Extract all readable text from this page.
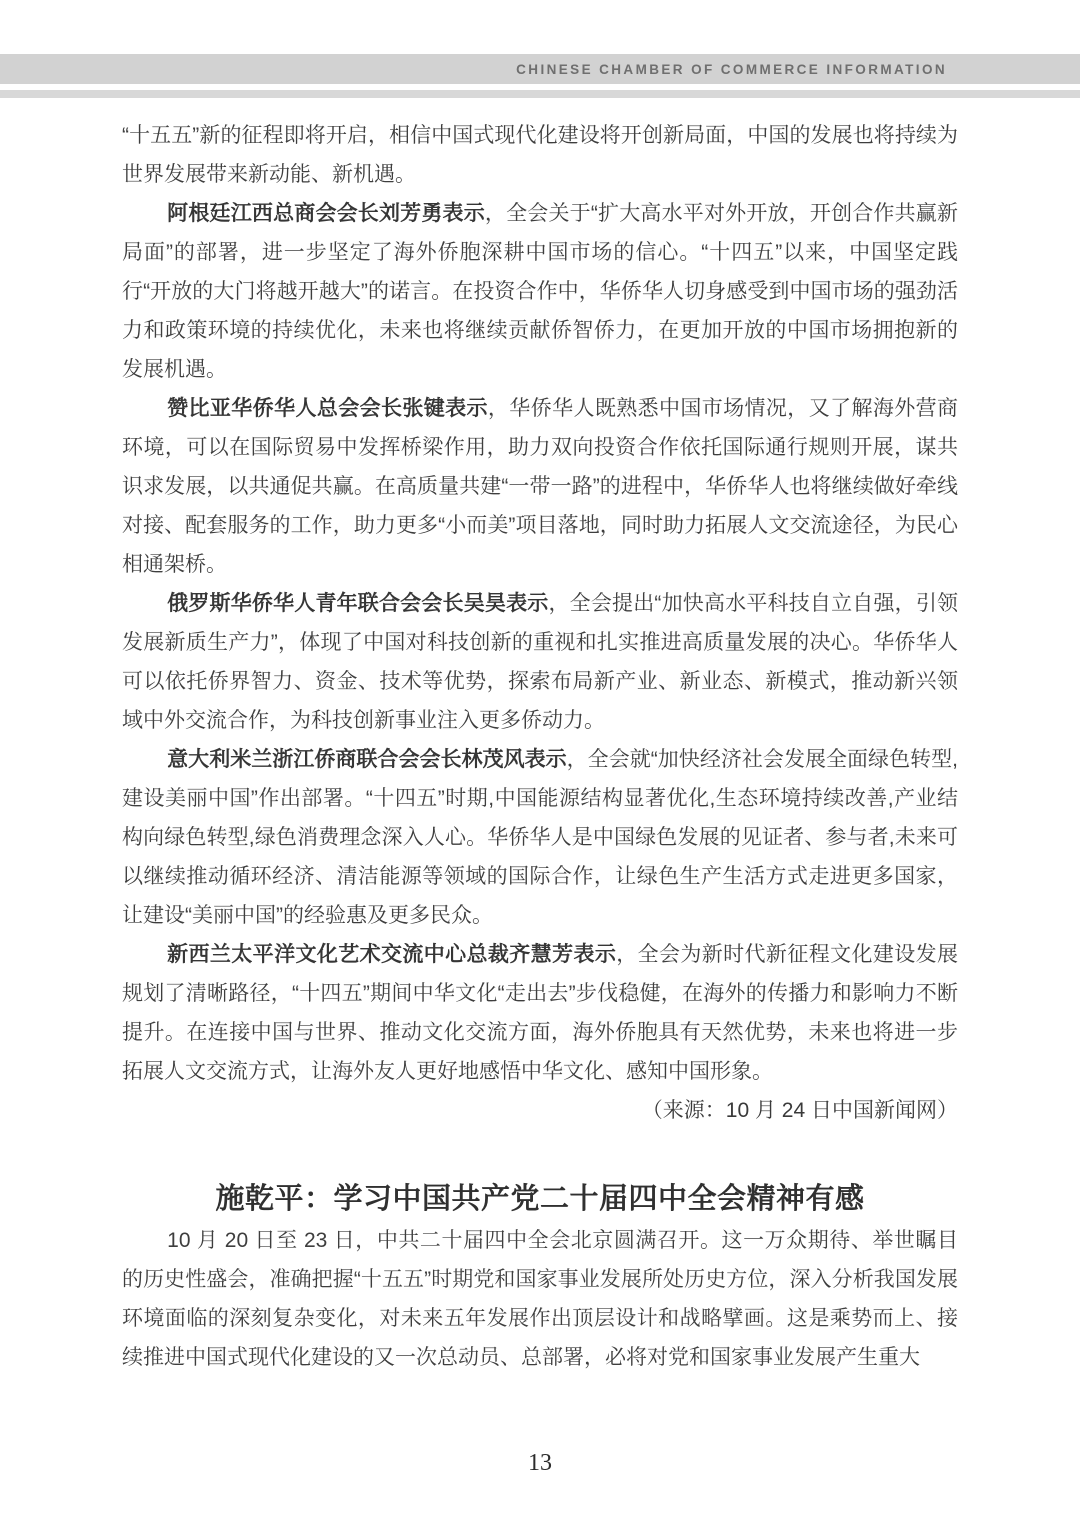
CHINESE CHAMBER OF COMMERCE INFORMATION

“十五五”新的征程即将开启，相信中国式现代化建设将开创新局面，中国的发展也将持续为世界发展带来新动能、新机遇。

阿根廷江西总商会会长刘芳勇表示，全会关于“扩大高水平对外开放，开创合作共赢新局面”的部署，进一步坚定了海外侨胞深耕中国市场的信心。“十四五”以来，中国坚定践行“开放的大门将越开越大”的诺言。在投资合作中，华侨华人切身感受到中国市场的强劲活力和政策环境的持续优化，未来也将继续贡献侨智侨力，在更加开放的中国市场拥抱新的发展机遇。

赞比亚华侨华人总会会长张键表示，华侨华人既熟悉中国市场情况，又了解海外营商环境，可以在国际贸易中发挥桥梁作用，助力双向投资合作依托国际通行规则开展，谋共识求发展，以共通促共赢。在高质量共建“一带一路”的进程中，华侨华人也将继续做好牵线对接、配套服务的工作，助力更多“小而美”项目落地，同时助力拓展人文交流途径，为民心相通架桥。

俄罗斯华侨华人青年联合会会长吴昊表示，全会提出“加快高水平科技自立自强，引领发展新质生产力”，体现了中国对科技创新的重视和扎实推进高质量发展的决心。华侨华人可以依托侨界智力、资金、技术等优势，探索布局新产业、新业态、新模式，推动新兴领域中外交流合作，为科技创新事业注入更多侨动力。

意大利米兰浙江侨商联合会会长林茂风表示，全会就“加快经济社会发展全面绿色转型,建设美丽中国”作出部署。“十四五”时期,中国能源结构显著优化,生态环境持续改善,产业结构向绿色转型,绿色消费理念深入人心。华侨华人是中国绿色发展的见证者、参与者,未来可以继续推动循环经济、清洁能源等领域的国际合作，让绿色生产生活方式走进更多国家，让建设“美丽中国”的经验惠及更多民众。

新西兰太平洋文化艺术交流中心总裁齐慧芳表示，全会为新时代新征程文化建设发展规划了清晰路径，“十四五”期间中华文化“走出去”步伐稳健，在海外的传播力和影响力不断提升。在连接中国与世界、推动文化交流方面，海外侨胞具有天然优势，未来也将进一步拓展人文交流方式，让海外友人更好地感悟中华文化、感知中国形象。

（来源：10 月 24 日中国新闻网）

施乾平：学习中国共产党二十届四中全会精神有感

10 月 20 日至 23 日，中共二十届四中全会北京圆满召开。这一万众期待、举世瞩目的历史性盛会，准确把握“十五五”时期党和国家事业发展所处历史方位，深入分析我国发展环境面临的深刻复杂变化，对未来五年发展作出顶层设计和战略擘画。这是乘势而上、接续推进中国式现代化建设的又一次总动员、总部署，必将对党和国家事业发展产生重大

13
